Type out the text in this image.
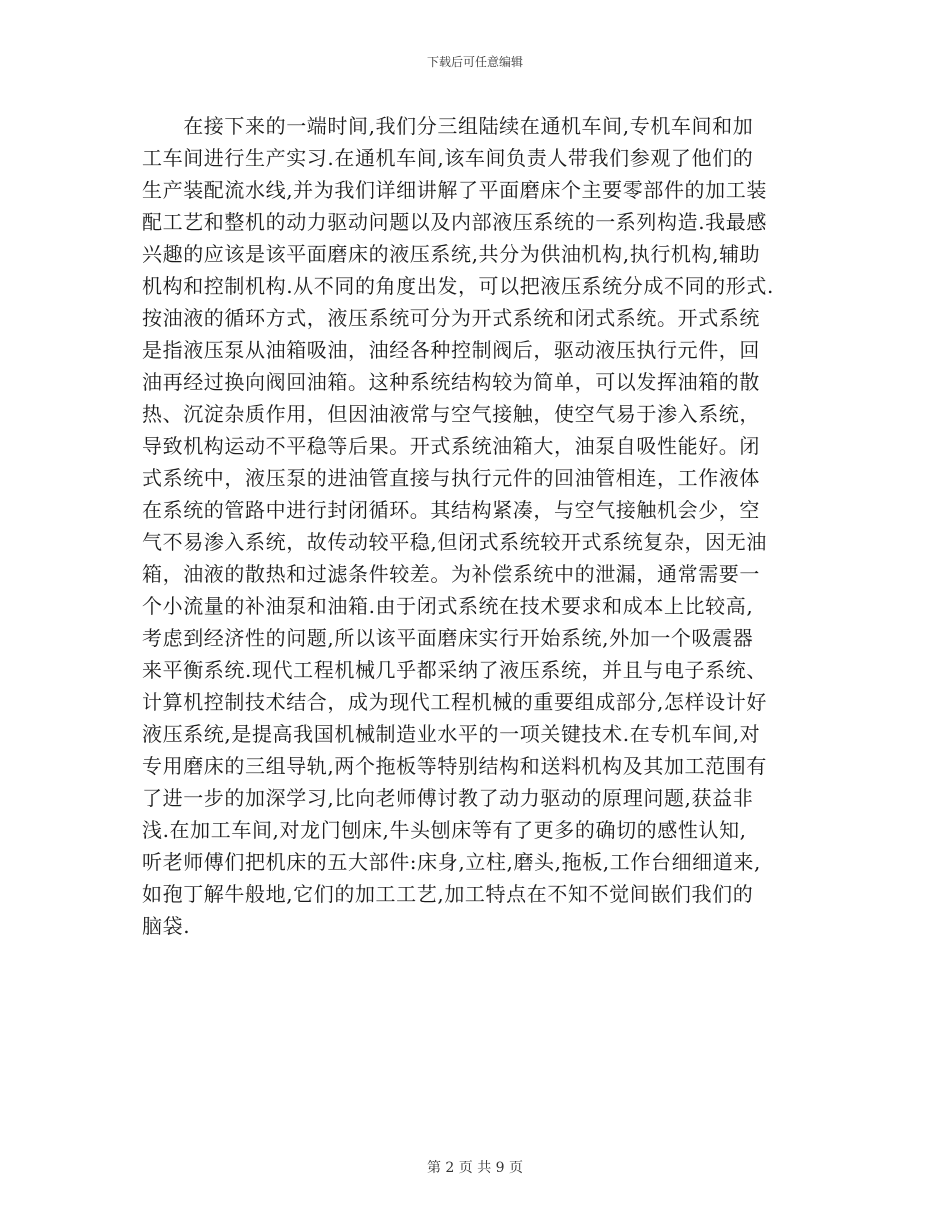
下载后可任意编辑
　　在接下来的一端时间,我们分三组陆续在通机车间,专机车间和加
工车间进行生产实习.在通机车间,该车间负责人带我们参观了他们的
生产装配流水线,并为我们详细讲解了平面磨床个主要零部件的加工装
配工艺和整机的动力驱动问题以及内部液压系统的一系列构造.我最感
兴趣的应该是该平面磨床的液压系统,共分为供油机构,执行机构,辅助
机构和控制机构.从不同的角度出发，可以把液压系统分成不同的形式.
按油液的循环方式，液压系统可分为开式系统和闭式系统。开式系统
是指液压泵从油箱吸油，油经各种控制阀后，驱动液压执行元件，回
油再经过换向阀回油箱。这种系统结构较为简单，可以发挥油箱的散
热、沉淀杂质作用，但因油液常与空气接触，使空气易于渗入系统，
导致机构运动不平稳等后果。开式系统油箱大，油泵自吸性能好。闭
式系统中，液压泵的进油管直接与执行元件的回油管相连，工作液体
在系统的管路中进行封闭循环。其结构紧凑，与空气接触机会少，空
气不易渗入系统，故传动较平稳,但闭式系统较开式系统复杂，因无油
箱，油液的散热和过滤条件较差。为补偿系统中的泄漏，通常需要一
个小流量的补油泵和油箱.由于闭式系统在技术要求和成本上比较高,
考虑到经济性的问题,所以该平面磨床实行开始系统,外加一个吸震器
来平衡系统.现代工程机械几乎都采纳了液压系统，并且与电子系统、
计算机控制技术结合，成为现代工程机械的重要组成部分,怎样设计好
液压系统,是提高我国机械制造业水平的一项关键技术.在专机车间,对
专用磨床的三组导轨,两个拖板等特别结构和送料机构及其加工范围有
了进一步的加深学习,比向老师傅讨教了动力驱动的原理问题,获益非
浅.在加工车间,对龙门刨床,牛头刨床等有了更多的确切的感性认知,
听老师傅们把机床的五大部件:床身,立柱,磨头,拖板,工作台细细道来,
如孢丁解牛般地,它们的加工工艺,加工特点在不知不觉间嵌们我们的
脑袋.
第 2 页 共 9 页
